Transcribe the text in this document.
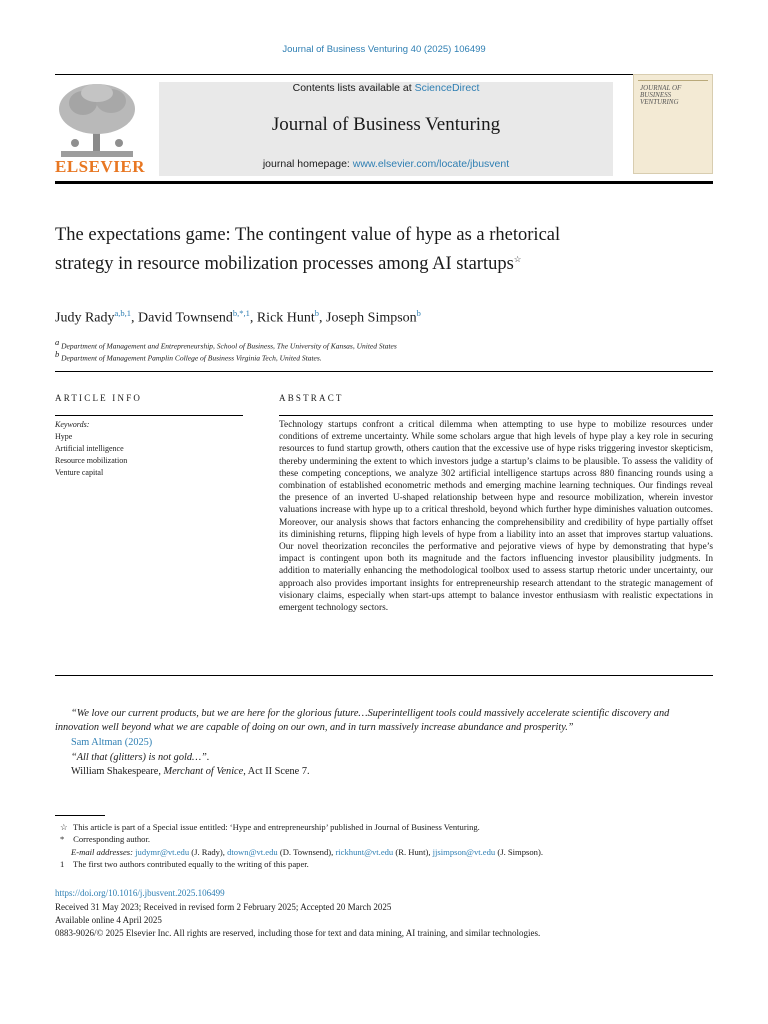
Journal of Business Venturing 40 (2025) 106499
ELSEVIER
Contents lists available at ScienceDirect
Journal of Business Venturing
journal homepage: www.elsevier.com/locate/jbusvent
JOURNAL OF BUSINESS VENTURING
The expectations game: The contingent value of hype as a rhetorical strategy in resource mobilization processes among AI startups☆
Judy Rady$^{a,b,1}$, David Townsend$^{b,*,1}$, Rick Hunt$^b$, Joseph Simpson$^b$
a Department of Management and Entrepreneurship, School of Business, The University of Kansas, United States
b Department of Management Pamplin College of Business Virginia Tech, United States.
ARTICLE INFO	ABSTRACT
Keywords:
Hype
Artificial intelligence
Resource mobilization
Venture capital
Technology startups confront a critical dilemma when attempting to use hype to mobilize resources under conditions of extreme uncertainty. While some scholars argue that high levels of hype play a key role in securing resources to fund startup growth, others caution that the excessive use of hype risks triggering investor skepticism, thereby undermining the extent to which investors judge a startup’s claims to be plausible. To assess the validity of these competing conceptions, we analyze 302 artificial intelligence startups across 880 financing rounds using a combination of established econometric methods and emerging machine learning techniques. Our findings reveal the presence of an inverted U-shaped relationship between hype and resource mobilization, wherein investor valuations increase with hype up to a critical threshold, beyond which further hype diminishes valuation outcomes. Moreover, our analysis shows that factors enhancing the comprehensibility and credibility of hype partially offset its diminishing returns, flipping high levels of hype from a liability into an asset that improves startup valuations. Our novel theorization reconciles the performative and pejorative views of hype by demonstrating that hype’s impact is contingent upon both its magnitude and the factors influencing investor plausibility judgments. In addition to materially enhancing the methodological toolbox used to assess startup rhetoric under uncertainty, our approach also provides important insights for entrepreneurship research attendant to the strategic management of visionary claims, especially when start-ups attempt to balance investor enthusiasm with realistic expectations in emergent technology sectors.
“We love our current products, but we are here for the glorious future…Superintelligent tools could massively accelerate scientific discovery and innovation well beyond what we are capable of doing on our own, and in turn massively increase abundance and prosperity.”
Sam Altman (2025)
“All that (glitters) is not gold…”.
William Shakespeare, Merchant of Venice, Act II Scene 7.
☆ This article is part of a Special issue entitled: ‘Hype and entrepreneurship’ published in Journal of Business Venturing.
* Corresponding author.
E-mail addresses: judymr@vt.edu (J. Rady), dtown@vt.edu (D. Townsend), rickhunt@vt.edu (R. Hunt), jjsimpson@vt.edu (J. Simpson).
1 The first two authors contributed equally to the writing of this paper.
https://doi.org/10.1016/j.jbusvent.2025.106499
Received 31 May 2023; Received in revised form 2 February 2025; Accepted 20 March 2025
Available online 4 April 2025
0883-9026/© 2025 Elsevier Inc. All rights are reserved, including those for text and data mining, AI training, and similar technologies.
